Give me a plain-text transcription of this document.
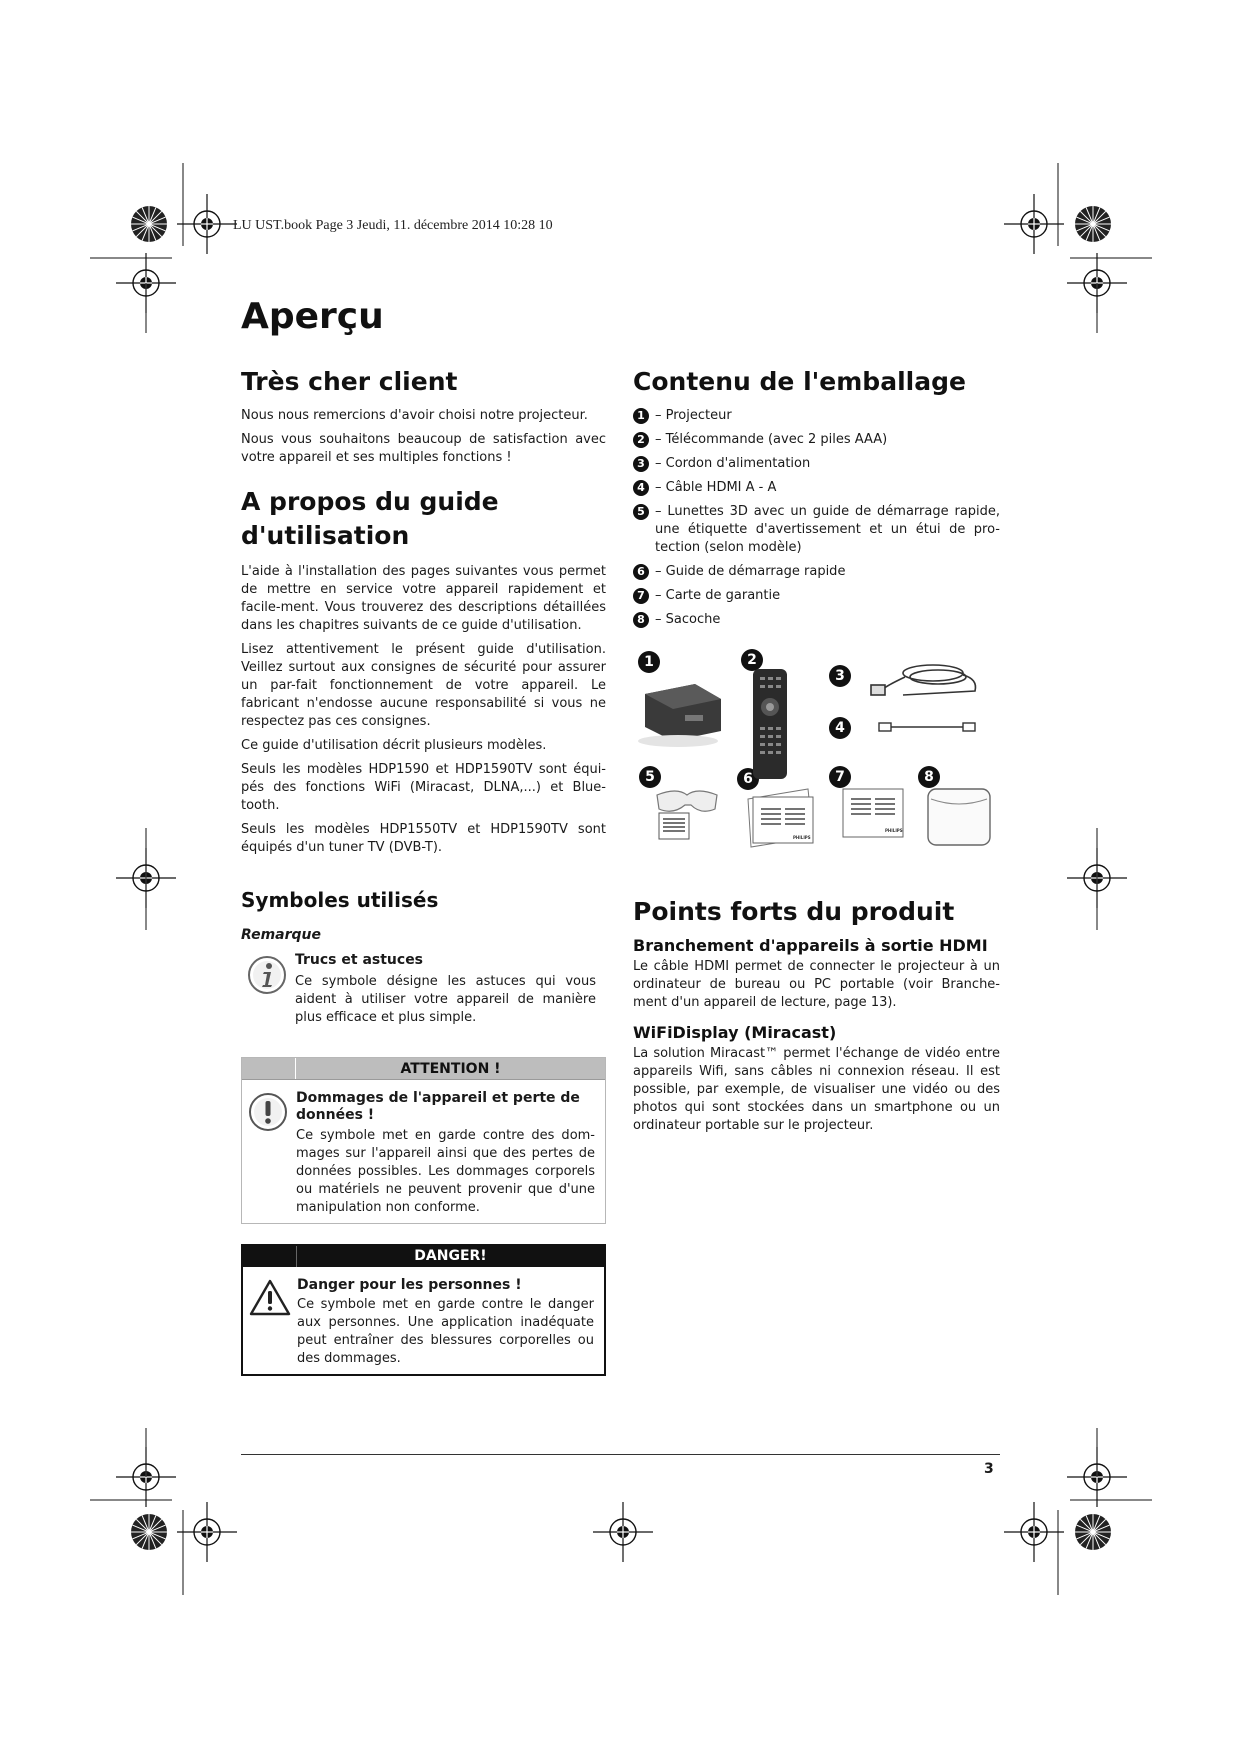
LU UST.book Page 3 Jeudi, 11. décembre 2014 10:28 10
Aperçu
Très cher client

Nous nous remercions d'avoir choisi notre projecteur.

Nous vous souhaitons beaucoup de satisfaction avec votre appareil et ses multiples fonctions !

A propos du guide d'utilisation

L'aide à l'installation des pages suivantes vous permet de mettre en service votre appareil rapidement et facile-ment. Vous trouverez des descriptions détaillées dans les chapitres suivants de ce guide d'utilisation.

Lisez attentivement le présent guide d'utilisation. Veillez surtout aux consignes de sécurité pour assurer un par-fait fonctionnement de votre appareil. Le fabricant n'endosse aucune responsabilité si vous ne respectez pas ces consignes.

Ce guide d'utilisation décrit plusieurs modèles.

Seuls les modèles HDP1590 et HDP1590TV sont équi-pés des fonctions WiFi (Miracast, DLNA,...) et Blue-tooth.

Seuls les modèles HDP1550TV et HDP1590TV sont équipés d'un tuner TV (DVB-T).

Symboles utilisés
Remarque
Trucs et astuces

Ce symbole désigne les astuces qui vous aident à utiliser votre appareil de manière plus efficace et plus simple.

ATTENTION !
Dommages de l'appareil et perte de données !

Ce symbole met en garde contre des dom-mages sur l'appareil ainsi que des pertes de données possibles. Les dommages corporels ou matériels ne peuvent provenir que d'une manipulation non conforme.

DANGER!
Danger pour les personnes !

Ce symbole met en garde contre le danger aux personnes. Une application inadéquate peut entraîner des blessures corporelles ou des dommages.

Contenu de l'emballage
1 – Projecteur
2 – Télécommande (avec 2 piles AAA)
3 – Cordon d'alimentation
4 – Câble HDMI A - A
5 – Lunettes 3D avec un guide de démarrage rapide, une étiquette d'avertissement et un étui de pro-tection (selon modèle)
6 – Guide de démarrage rapide
7 – Carte de garantie
8 – Sacoche
1	2
3
4
5	6	7	8
PHILIPS
PHILIPS
Points forts du produit
Branchement d'appareils à sortie HDMI

Le câble HDMI permet de connecter le projecteur à un ordinateur de bureau ou PC portable (voir Branche-ment d'un appareil de lecture, page 13).

WiFiDisplay (Miracast)

La solution Miracast™ permet l'échange de vidéo entre appareils Wifi, sans câbles ni connexion réseau. Il est possible, par exemple, de visualiser une vidéo ou des photos qui sont stockées dans un smartphone ou un ordinateur portable sur le projecteur.

3
